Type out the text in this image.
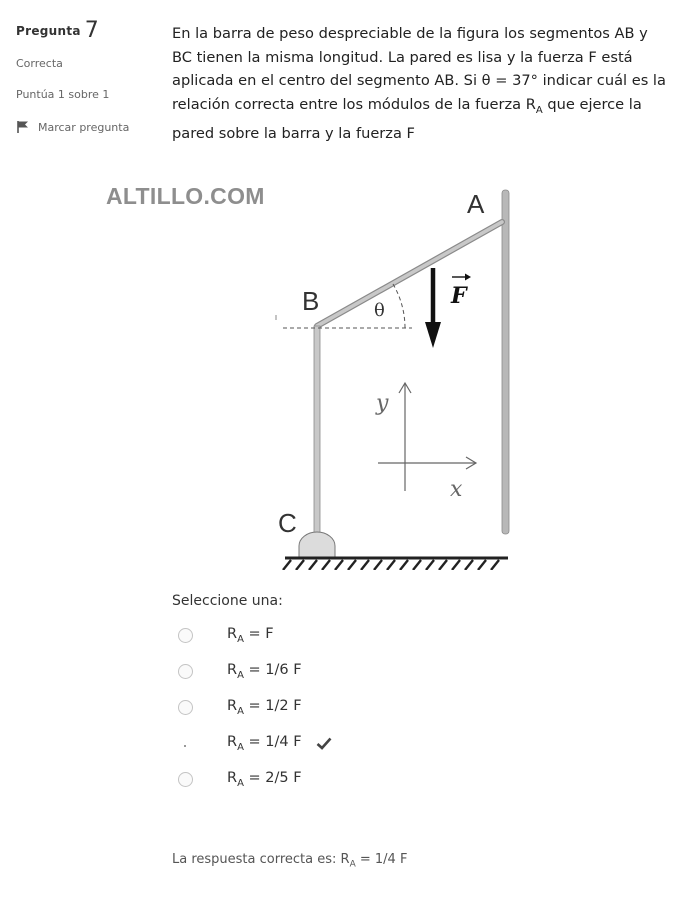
Pregunta 7
Correcta
Puntúa 1 sobre 1
Marcar pregunta
En la barra de peso despreciable de la figura los segmentos AB y BC tienen la misma longitud. La pared es lisa y la fuerza F está aplicada en el centro del segmento AB. Si θ = 37° indicar cuál es la relación correcta entre los módulos de la fuerza $R_A$ que ejerce la pared sobre la barra y la fuerza F
ALTILLO.COM
θ
F
A
B
C
y
x
Seleccione una:
$R_A = F$
$R_A = 1/6$ F
$R_A = 1/2$ F
$R_A = 1/4$ F
$R_A = 2/5$ F
La respuesta correcta es: $R_A = 1/4$ F
